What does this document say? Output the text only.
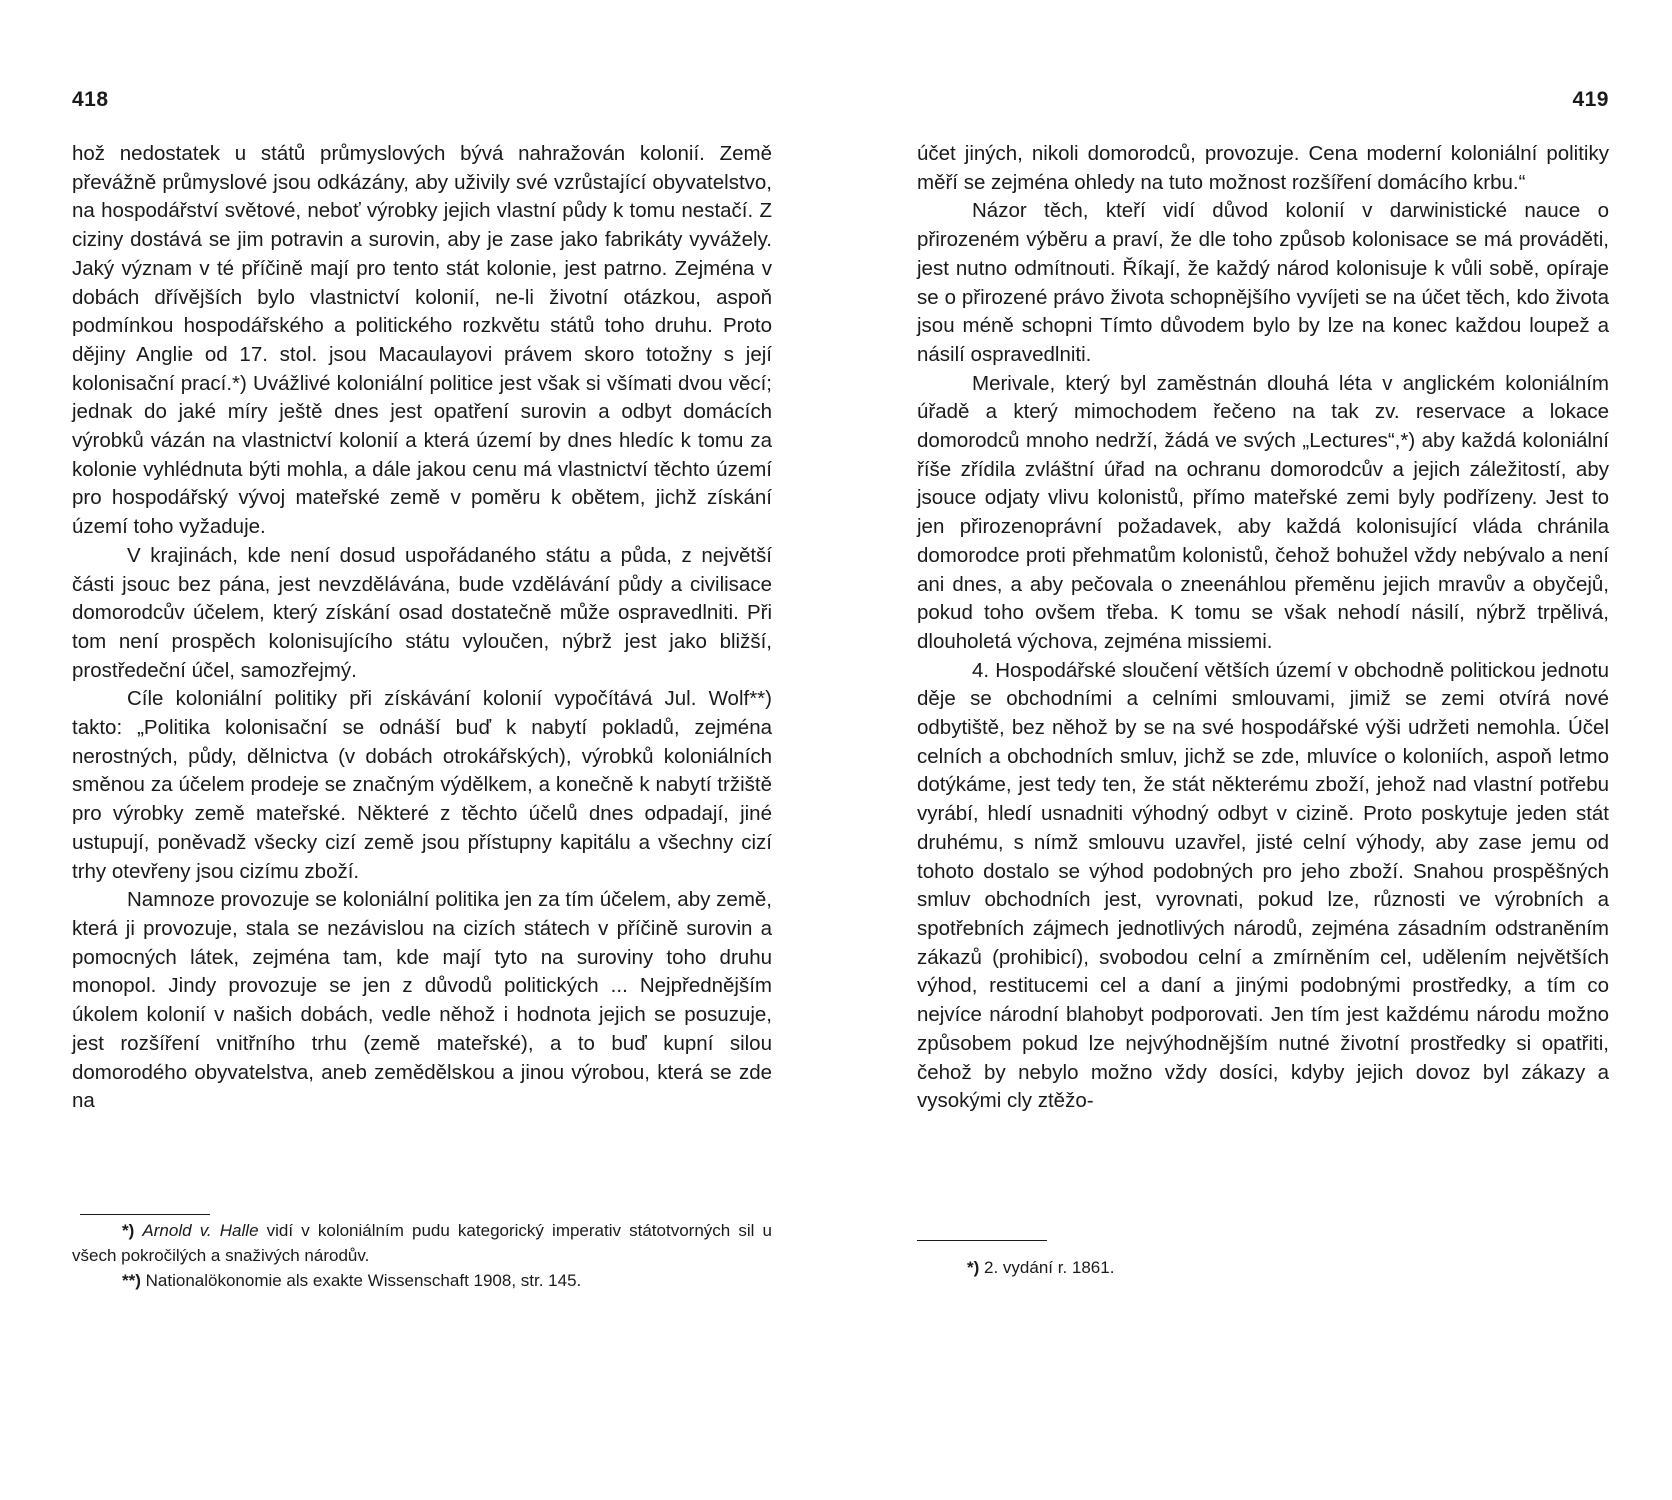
418

hož nedostatek u států průmyslových bývá nahražován kolonií. Země převážně průmyslové jsou odkázány, aby uživily své vzrůstající obyvatelstvo, na hospodářství světové, neboť výrobky jejich vlastní půdy k tomu nestačí. Z ciziny dostává se jim potravin a surovin, aby je zase jako fabrikáty vyvážely. Jaký význam v té příčině mají pro tento stát kolonie, jest patrno. Zejména v dobách dřívějších bylo vlastnictví kolonií, ne-li životní otázkou, aspoň podmínkou hospodářského a politického rozkvětu států toho druhu. Proto dějiny Anglie od 17. stol. jsou Macaulayovi právem skoro totožny s její kolonisační prací.*) Uvážlivé koloniální politice jest však si všímati dvou věcí; jednak do jaké míry ještě dnes jest opatření surovin a odbyt domácích výrobků vázán na vlastnictví kolonií a která území by dnes hledíc k tomu za kolonie vyhlédnuta býti mohla, a dále jakou cenu má vlastnictví těchto území pro hospodářský vývoj mateřské země v poměru k obětem, jichž získání území toho vyžaduje.

V krajinách, kde není dosud uspořádaného státu a půda, z největší části jsouc bez pána, jest nevzdělávána, bude vzdělávání půdy a civilisace domorodcův účelem, který získání osad dostatečně může ospravedlniti. Při tom není prospěch kolonisujícího státu vyloučen, nýbrž jest jako bližší, prostředeční účel, samozřejmý.

Cíle koloniální politiky při získávání kolonií vypočítává Jul. Wolf**) takto: „Politika kolonisační se odnáší buď k nabytí pokladů, zejména nerostných, půdy, dělnictva (v dobách otrokářských), výrobků koloniálních směnou za účelem prodeje se značným výdělkem, a konečně k nabytí tržiště pro výrobky země mateřské. Některé z těchto účelů dnes odpadají, jiné ustupují, poněvadž všecky cizí země jsou přístupny kapitálu a všechny cizí trhy otevřeny jsou cizímu zboží.

Namnoze provozuje se koloniální politika jen za tím účelem, aby země, která ji provozuje, stala se nezávislou na cizích státech v příčině surovin a pomocných látek, zejména tam, kde mají tyto na suroviny toho druhu monopol. Jindy provozuje se jen z důvodů politických ... Nejpřednějším úkolem kolonií v našich dobách, vedle něhož i hodnota jejich se posuzuje, jest rozšíření vnitřního trhu (země mateřské), a to buď kupní silou domorodého obyvatelstva, aneb zemědělskou a jinou výrobou, která se zde na

*) Arnold v. Halle vidí v koloniálním pudu kategorický imperativ státotvorných sil u všech pokročilých a snaživých národův.

**) Nationalökonomie als exakte Wissenschaft 1908, str. 145.

419

účet jiných, nikoli domorodců, provozuje. Cena moderní koloniální politiky měří se zejména ohledy na tuto možnost rozšíření domácího krbu.“

Názor těch, kteří vidí důvod kolonií v darwinistické nauce o přirozeném výběru a praví, že dle toho způsob kolonisace se má prováděti, jest nutno odmítnouti. Říkají, že každý národ kolonisuje k vůli sobě, opíraje se o přirozené právo života schopnějšího vyvíjeti se na účet těch, kdo života jsou méně schopni Tímto důvodem bylo by lze na konec každou loupež a násilí ospravedlniti.

Merivale, který byl zaměstnán dlouhá léta v anglickém koloniálním úřadě a který mimochodem řečeno na tak zv. reservace a lokace domorodců mnoho nedrží, žádá ve svých „Lectures“,*) aby každá koloniální říše zřídila zvláštní úřad na ochranu domorodcův a jejich záležitostí, aby jsouce odjaty vlivu kolonistů, přímo mateřské zemi byly podřízeny. Jest to jen přirozenoprávní požadavek, aby každá kolonisující vláda chránila domorodce proti přehmatům kolonistů, čehož bohužel vždy nebývalo a není ani dnes, a aby pečovala o zneenáhlou přeměnu jejich mravův a obyčejů, pokud toho ovšem třeba. K tomu se však nehodí násilí, nýbrž trpělivá, dlouholetá výchova, zejména missiemi.

4. Hospodářské sloučení větších území v obchodně politickou jednotu děje se obchodními a celními smlouvami, jimiž se zemi otvírá nové odbytiště, bez něhož by se na své hospodářské výši udržeti nemohla. Účel celních a obchodních smluv, jichž se zde, mluvíce o koloniích, aspoň letmo dotýkáme, jest tedy ten, že stát některému zboží, jehož nad vlastní potřebu vyrábí, hledí usnadniti výhodný odbyt v cizině. Proto poskytuje jeden stát druhému, s nímž smlouvu uzavřel, jisté celní výhody, aby zase jemu od tohoto dostalo se výhod podobných pro jeho zboží. Snahou prospěšných smluv obchodních jest, vyrovnati, pokud lze, různosti ve výrobních a spotřebních zájmech jednotlivých národů, zejména zásadním odstraněním zákazů (prohibicí), svobodou celní a zmírněním cel, udělením největších výhod, restitucemi cel a daní a jinými podobnými prostředky, a tím co nejvíce národní blahobyt podporovati. Jen tím jest každému národu možno způsobem pokud lze nejvýhodnějším nutné životní prostředky si opatřiti, čehož by nebylo možno vždy dosíci, kdyby jejich dovoz byl zákazy a vysokými cly ztěžo-

*) 2. vydání r. 1861.
